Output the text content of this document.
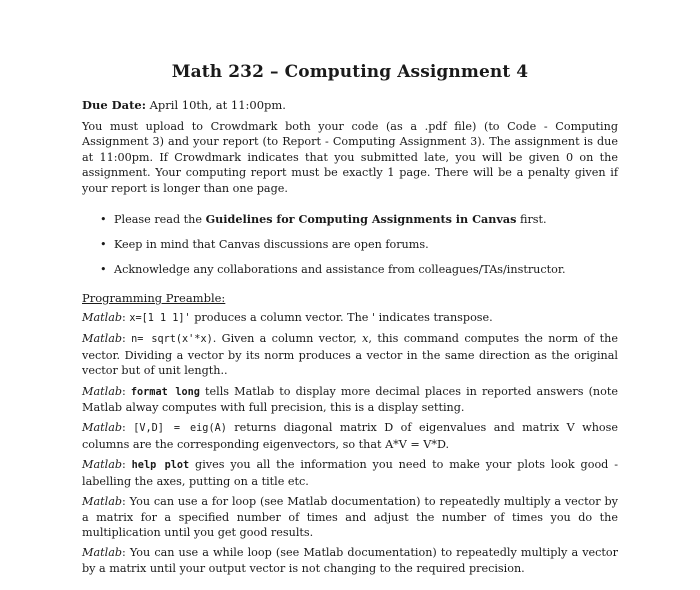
Math 232 – Computing Assignment 4

Due Date: April 10th, at 11:00pm.

You must upload to Crowdmark both your code (as a .pdf file) (to Code - Computing Assignment 3) and your report (to Report - Computing Assignment 3). The assignment is due at 11:00pm. If Crowdmark indicates that you submitted late, you will be given 0 on the assignment. Your computing report must be exactly 1 page. There will be a penalty given if your report is longer than one page.

• Please read the Guidelines for Computing Assignments in Canvas first.
• Keep in mind that Canvas discussions are open forums.
• Acknowledge any collaborations and assistance from colleagues/TAs/instructor.

Programming Preamble:

Matlab: x=[1 1 1]' produces a column vector. The ' indicates transpose.

Matlab: n= sqrt(x'*x). Given a column vector, x, this command computes the norm of the vector. Dividing a vector by its norm produces a vector in the same direction as the original vector but of unit length..

Matlab: format long tells Matlab to display more decimal places in reported answers (note Matlab alway computes with full precision, this is a display setting.

Matlab: [V,D] = eig(A) returns diagonal matrix D of eigenvalues and matrix V whose columns are the corresponding eigenvectors, so that A*V = V*D.

Matlab: help plot gives you all the information you need to make your plots look good - labelling the axes, putting on a title etc.

Matlab: You can use a for loop (see Matlab documentation) to repeatedly multiply a vector by a matrix for a specified number of times and adjust the number of times you do the multiplication until you get good results.

Matlab: You can use a while loop (see Matlab documentation) to repeatedly multiply a vector by a matrix until your output vector is not changing to the required precision.
